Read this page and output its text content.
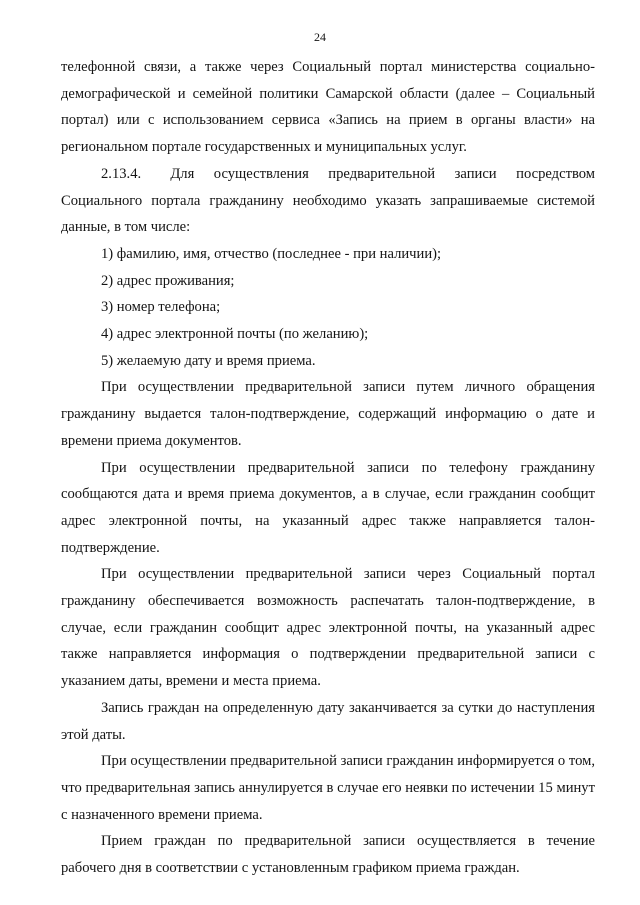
24

телефонной связи, а также через Социальный портал министерства социально-демографической и семейной политики Самарской области (далее – Социальный портал) или с использованием сервиса «Запись на прием в органы власти» на региональном портале государственных и муниципальных услуг.

2.13.4.   Для осуществления предварительной записи посредством Социального портала гражданину необходимо указать запрашиваемые системой данные, в том числе:

1) фамилию, имя, отчество (последнее - при наличии);

2) адрес проживания;

3) номер телефона;

4) адрес электронной почты (по желанию);

5) желаемую дату и время приема.

При осуществлении предварительной записи путем личного обращения гражданину выдается талон-подтверждение, содержащий информацию о дате и времени приема документов.

При осуществлении предварительной записи по телефону гражданину сообщаются дата и время приема документов, а в случае, если гражданин сообщит адрес электронной почты, на указанный адрес также направляется талон-подтверждение.

При осуществлении предварительной записи через Социальный портал гражданину обеспечивается возможность распечатать талон-подтверждение, в случае, если гражданин сообщит адрес электронной почты, на указанный адрес также направляется информация о подтверждении предварительной записи с указанием даты, времени и места приема.

Запись граждан на определенную дату заканчивается за сутки до наступления этой даты.

При осуществлении предварительной записи гражданин информируется о том, что предварительная запись аннулируется в случае его неявки по истечении 15 минут с назначенного времени приема.

Прием граждан по предварительной записи осуществляется в течение рабочего дня в соответствии с установленным графиком приема граждан.
